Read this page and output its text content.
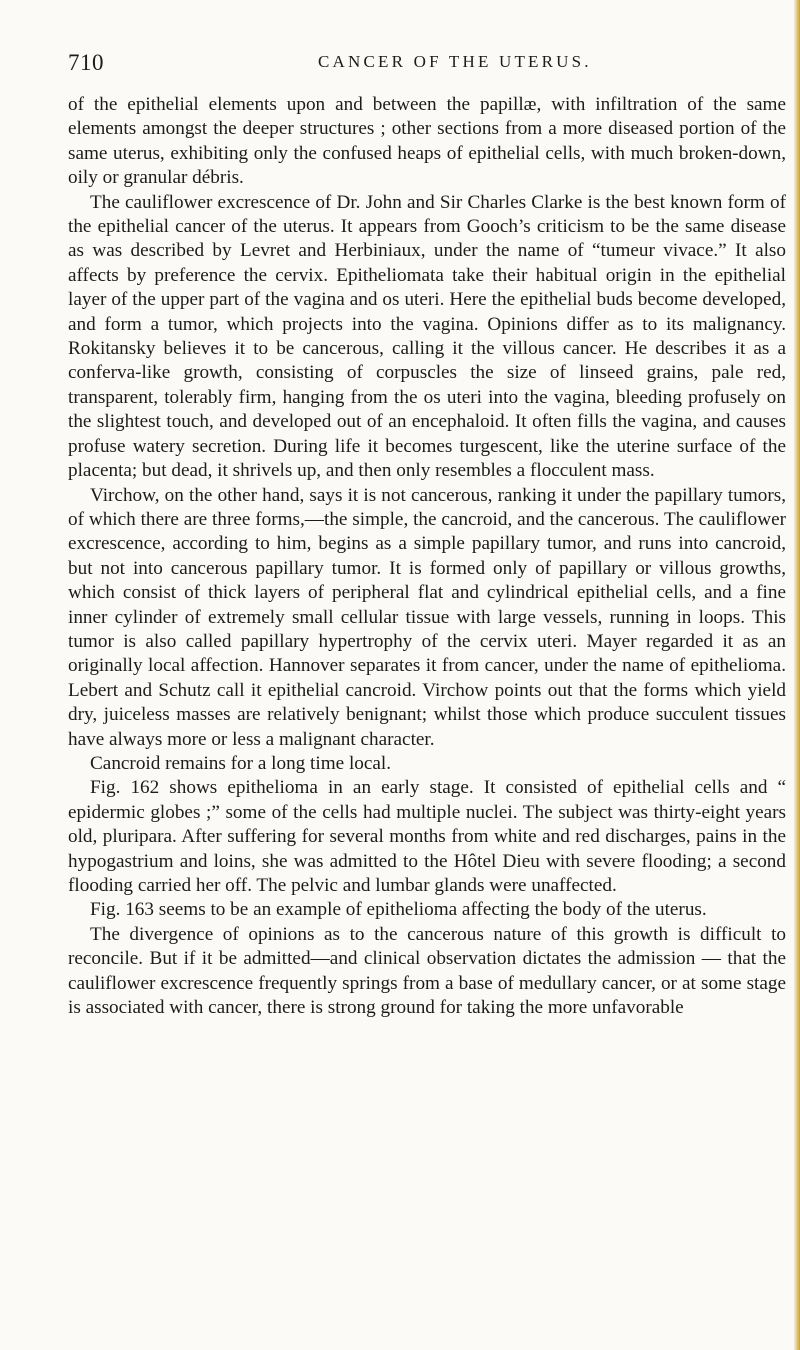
710	CANCER OF THE UTERUS.

of the epithelial elements upon and between the papillæ, with infiltration of the same elements amongst the deeper structures ; other sections from a more diseased portion of the same uterus, exhibiting only the confused heaps of epithelial cells, with much broken-down, oily or granular débris.

The cauliflower excrescence of Dr. John and Sir Charles Clarke is the best known form of the epithelial cancer of the uterus. It appears from Gooch’s criticism to be the same disease as was described by Levret and Herbiniaux, under the name of “tumeur vivace.” It also affects by preference the cervix. Epitheliomata take their habitual origin in the epithelial layer of the upper part of the vagina and os uteri. Here the epithelial buds become developed, and form a tumor, which projects into the vagina. Opinions differ as to its malignancy. Rokitansky believes it to be cancerous, calling it the villous cancer. He describes it as a conferva-like growth, consisting of corpuscles the size of linseed grains, pale red, transparent, tolerably firm, hanging from the os uteri into the vagina, bleeding profusely on the slightest touch, and developed out of an encephaloid. It often fills the vagina, and causes profuse watery secretion. During life it becomes turgescent, like the uterine surface of the placenta; but dead, it shrivels up, and then only resembles a flocculent mass.

Virchow, on the other hand, says it is not cancerous, ranking it under the papillary tumors, of which there are three forms,—the simple, the cancroid, and the cancerous. The cauliflower excrescence, according to him, begins as a simple papillary tumor, and runs into cancroid, but not into cancerous papillary tumor. It is formed only of papillary or villous growths, which consist of thick layers of peripheral flat and cylindrical epithelial cells, and a fine inner cylinder of extremely small cellular tissue with large vessels, running in loops. This tumor is also called papillary hypertrophy of the cervix uteri. Mayer regarded it as an originally local affection. Hannover separates it from cancer, under the name of epithelioma. Lebert and Schutz call it epithelial cancroid. Virchow points out that the forms which yield dry, juiceless masses are relatively benignant; whilst those which produce succulent tissues have always more or less a malignant character.

Cancroid remains for a long time local.

Fig. 162 shows epithelioma in an early stage. It consisted of epithelial cells and “ epidermic globes ;” some of the cells had multiple nuclei. The subject was thirty-eight years old, pluripara. After suffering for several months from white and red discharges, pains in the hypogastrium and loins, she was admitted to the Hôtel Dieu with severe flooding; a second flooding carried her off. The pelvic and lumbar glands were unaffected.

Fig. 163 seems to be an example of epithelioma affecting the body of the uterus.

The divergence of opinions as to the cancerous nature of this growth is difficult to reconcile. But if it be admitted—and clinical observation dictates the admission — that the cauliflower excrescence frequently springs from a base of medullary cancer, or at some stage is associated with cancer, there is strong ground for taking the more unfavorable
